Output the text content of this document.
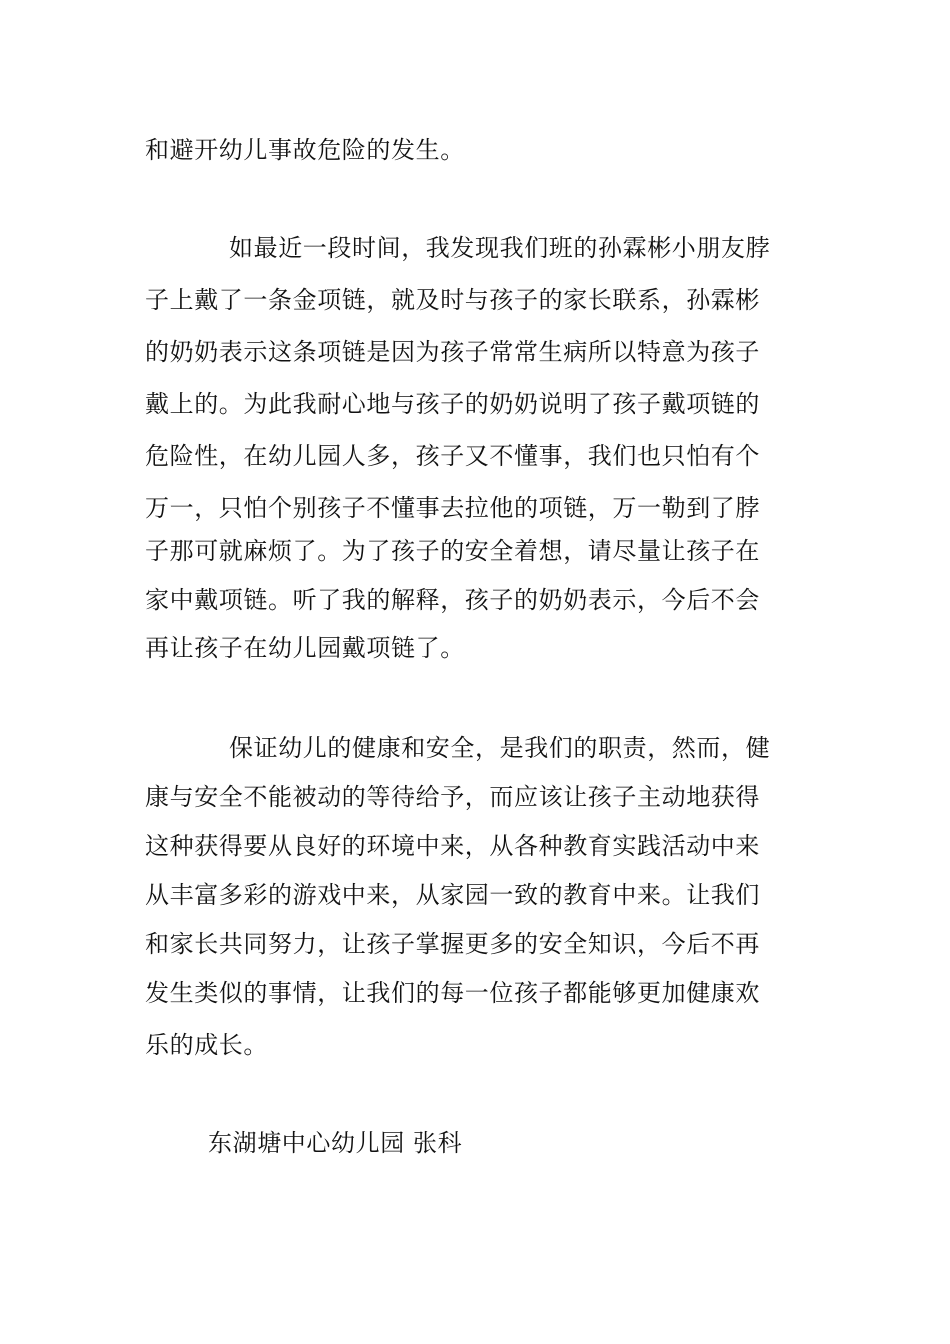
和避开幼儿事故危险的发生。
如最近一段时间，我发现我们班的孙霖彬小朋友脖
子上戴了一条金项链，就及时与孩子的家长联系，孙霖彬
的奶奶表示这条项链是因为孩子常常生病所以特意为孩子
戴上的。为此我耐心地与孩子的奶奶说明了孩子戴项链的
危险性，在幼儿园人多，孩子又不懂事，我们也只怕有个
万一，只怕个别孩子不懂事去拉他的项链，万一勒到了脖
子那可就麻烦了。为了孩子的安全着想，请尽量让孩子在
家中戴项链。听了我的解释，孩子的奶奶表示，今后不会
再让孩子在幼儿园戴项链了。
保证幼儿的健康和安全，是我们的职责，然而，健
康与安全不能被动的等待给予，而应该让孩子主动地获得
这种获得要从良好的环境中来，从各种教育实践活动中来
从丰富多彩的游戏中来，从家园一致的教育中来。让我们
和家长共同努力，让孩子掌握更多的安全知识，今后不再
发生类似的事情，让我们的每一位孩子都能够更加健康欢
乐的成长。
东湖塘中心幼儿园 张科
